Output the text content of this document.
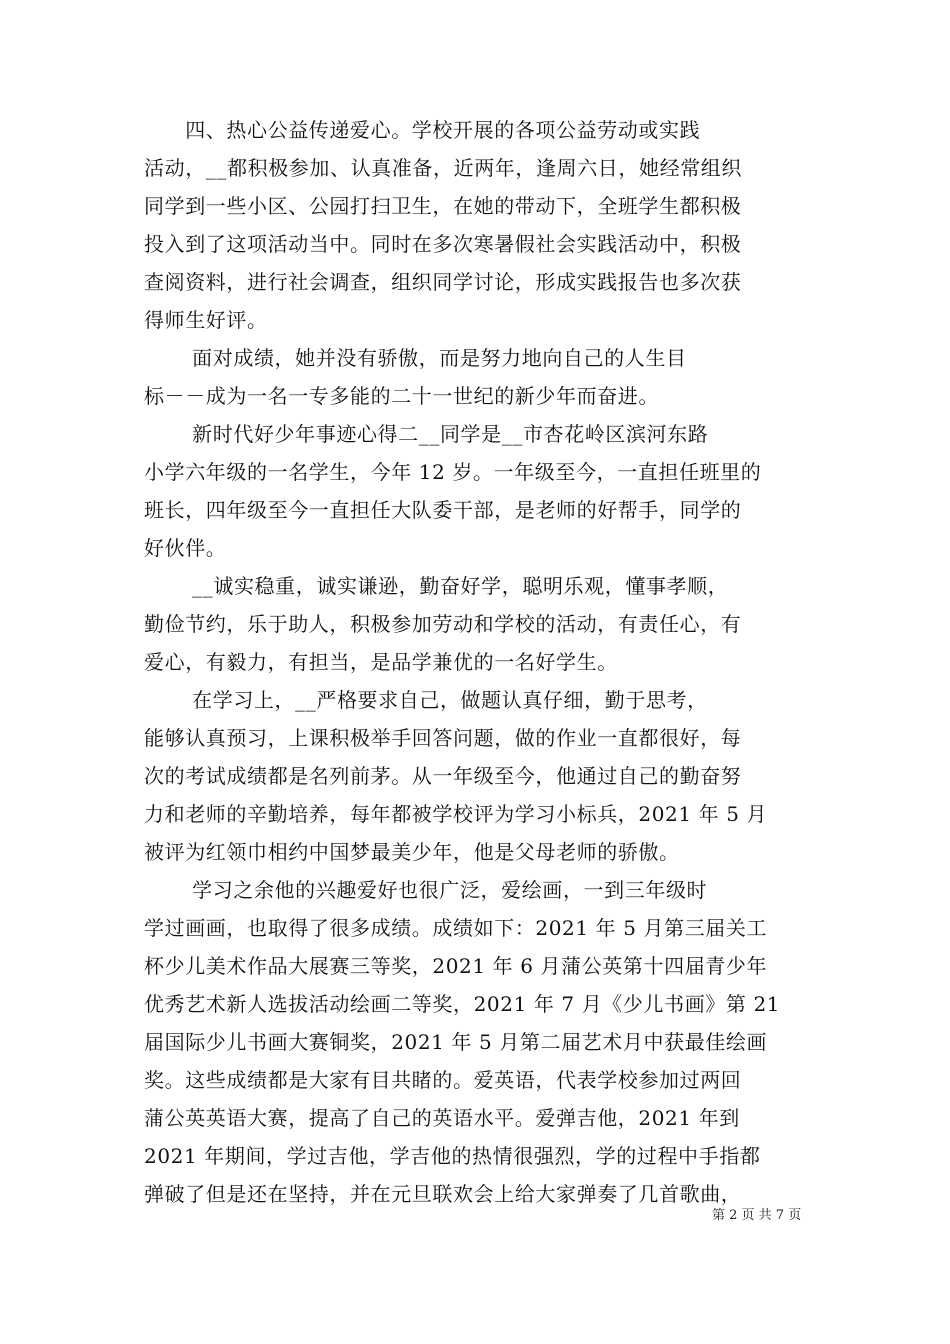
　　四、热心公益传递爱心。学校开展的各项公益劳动或实践
活动，__都积极参加、认真准备，近两年，逢周六日，她经常组织
同学到一些小区、公园打扫卫生，在她的带动下，全班学生都积极
投入到了这项活动当中。同时在多次寒暑假社会实践活动中，积极
查阅资料，进行社会调查，组织同学讨论，形成实践报告也多次获
得师生好评。
　　 面对成绩，她并没有骄傲，而是努力地向自己的人生目
标－－成为一名一专多能的二十一世纪的新少年而奋进。
　　 新时代好少年事迹心得二__同学是__市杏花岭区滨河东路
小学六年级的一名学生，今年 12 岁。一年级至今，一直担任班里的
班长，四年级至今一直担任大队委干部，是老师的好帮手，同学的
好伙伴。
　　 __诚实稳重，诚实谦逊，勤奋好学，聪明乐观，懂事孝顺，
勤俭节约，乐于助人，积极参加劳动和学校的活动，有责任心，有
爱心，有毅力，有担当，是品学兼优的一名好学生。
　　 在学习上，__严格要求自己，做题认真仔细，勤于思考，
能够认真预习，上课积极举手回答问题，做的作业一直都很好，每
次的考试成绩都是名列前茅。从一年级至今，他通过自己的勤奋努
力和老师的辛勤培养，每年都被学校评为学习小标兵，2021 年 5 月
被评为红领巾相约中国梦最美少年，他是父母老师的骄傲。
　　 学习之余他的兴趣爱好也很广泛，爱绘画，一到三年级时
学过画画，也取得了很多成绩。成绩如下：2021 年 5 月第三届关工
杯少儿美术作品大展赛三等奖，2021 年 6 月蒲公英第十四届青少年
优秀艺术新人选拔活动绘画二等奖，2021 年 7 月《少儿书画》第 21
届国际少儿书画大赛铜奖，2021 年 5 月第二届艺术月中获最佳绘画
奖。这些成绩都是大家有目共睹的。爱英语，代表学校参加过两回
蒲公英英语大赛，提高了自己的英语水平。爱弹吉他，2021 年到
2021 年期间，学过吉他，学吉他的热情很强烈，学的过程中手指都
弹破了但是还在坚持，并在元旦联欢会上给大家弹奏了几首歌曲，
第 2 页 共 7 页
